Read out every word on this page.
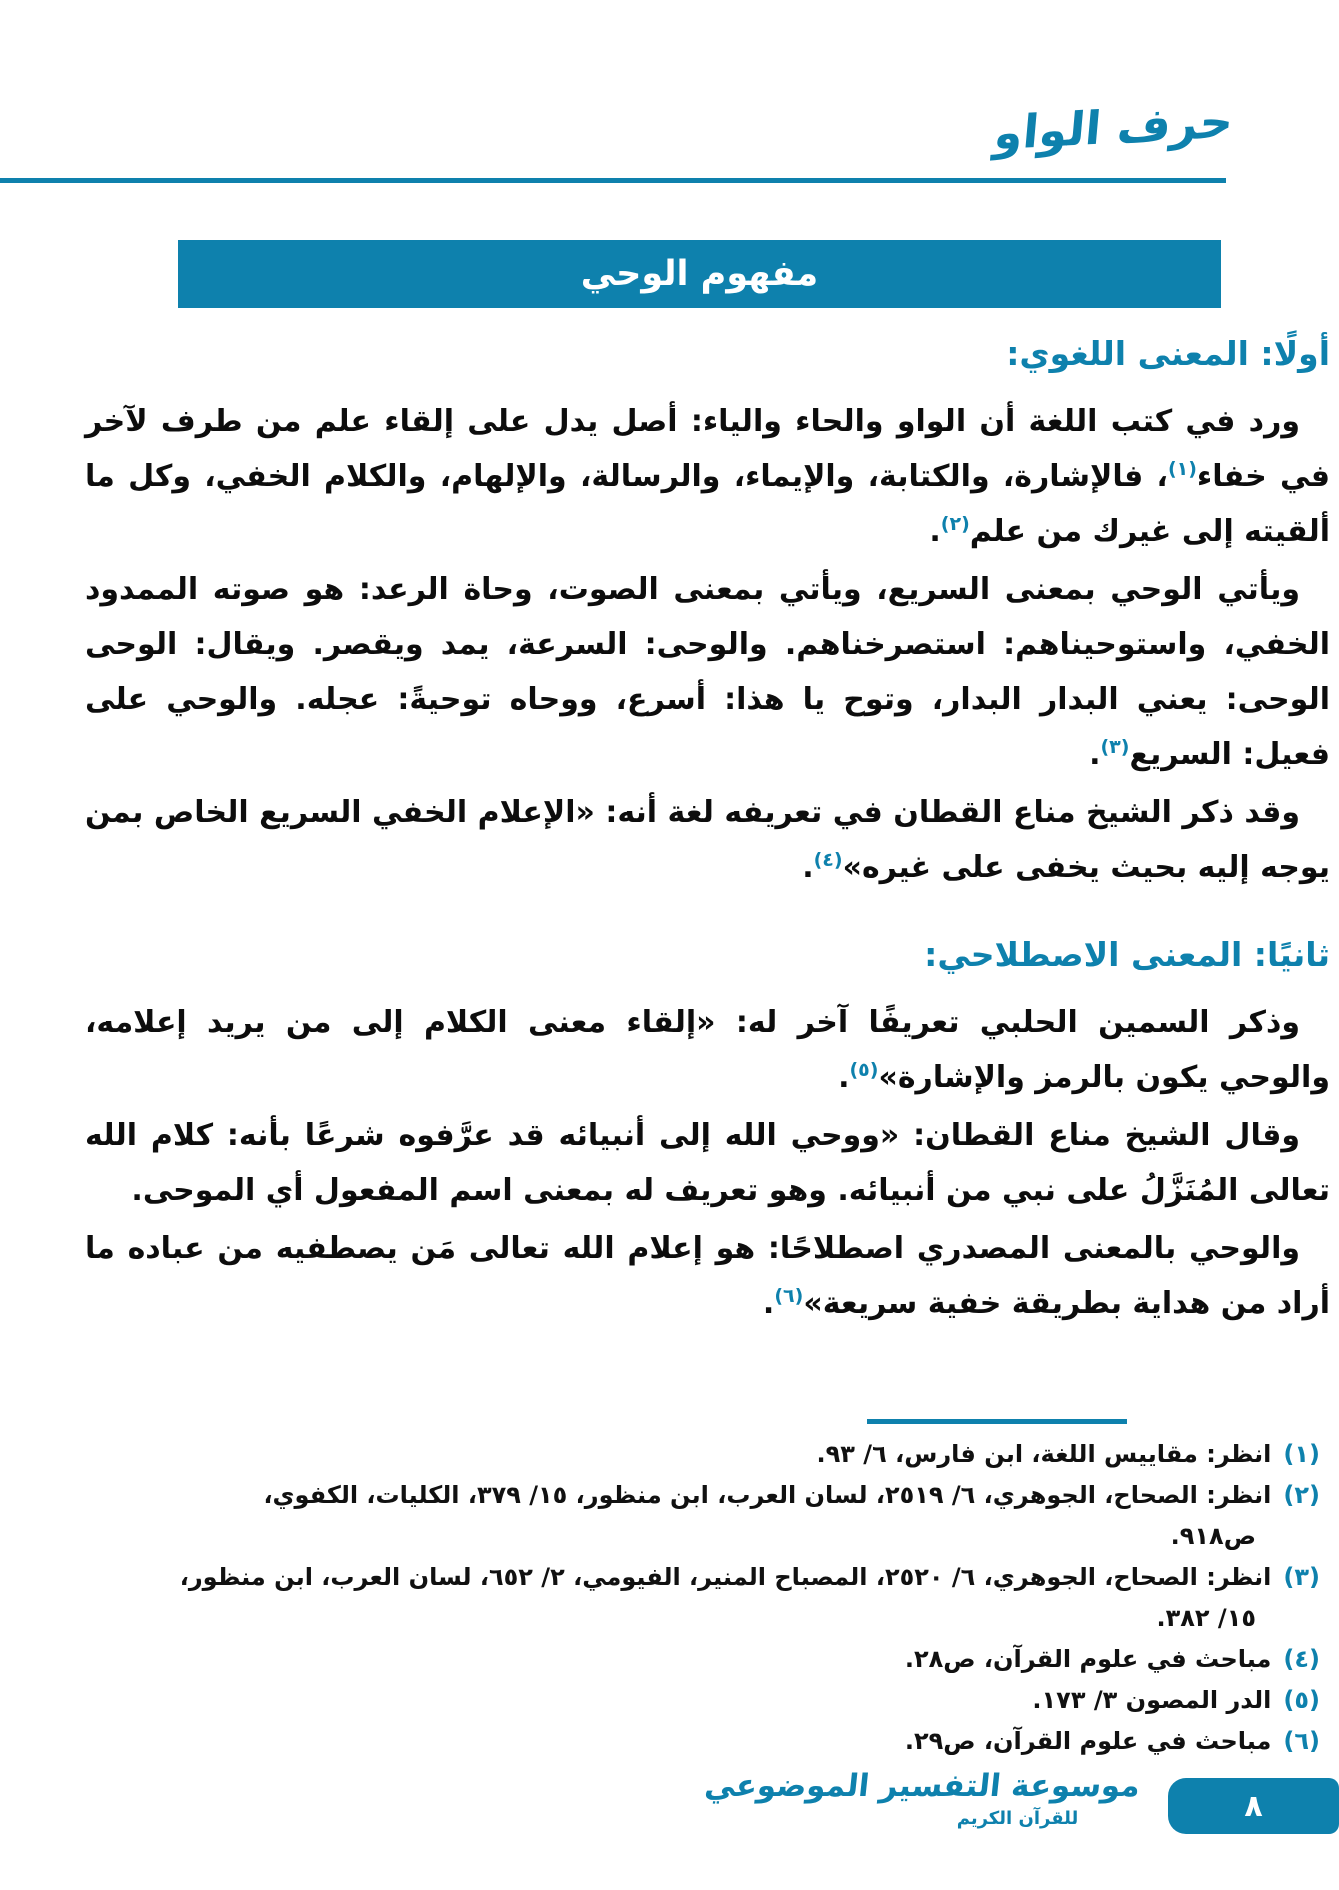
حرف الواو
مفهوم الوحي
أولًا: المعنى اللغوي:

ورد في كتب اللغة أن الواو والحاء والياء: أصل يدل على إلقاء علم من طرف لآخر في خفاء$^{(١)}$، فالإشارة، والكتابة، والإيماء، والرسالة، والإلهام، والكلام الخفي، وكل ما ألقيته إلى غيرك من علم$^{(٢)}$.

ويأتي الوحي بمعنى السريع، ويأتي بمعنى الصوت، وحاة الرعد: هو صوته الممدود الخفي، واستوحيناهم: استصرخناهم. والوحى: السرعة، يمد ويقصر. ويقال: الوحى الوحى: يعني البدار البدار، وتوح يا هذا: أسرع، ووحاه توحيةً: عجله. والوحي على فعيل: السريع$^{(٣)}$.

وقد ذكر الشيخ مناع القطان في تعريفه لغة أنه: «الإعلام الخفي السريع الخاص بمن يوجه إليه بحيث يخفى على غيره»$^{(٤)}$.

ثانيًا: المعنى الاصطلاحي:

وذكر السمين الحلبي تعريفًا آخر له: «إلقاء معنى الكلام إلى من يريد إعلامه، والوحي يكون بالرمز والإشارة»$^{(٥)}$.

وقال الشيخ مناع القطان: «ووحي الله إلى أنبيائه قد عرَّفوه شرعًا بأنه: كلام الله تعالى المُنَزَّلُ على نبي من أنبيائه. وهو تعريف له بمعنى اسم المفعول أي الموحى.

والوحي بالمعنى المصدري اصطلاحًا: هو إعلام الله تعالى مَن يصطفيه من عباده ما أراد من هداية بطريقة خفية سريعة»$^{(٦)}$.

(١)انظر: مقاييس اللغة، ابن فارس، ٦/ ٩٣.
(٢)انظر: الصحاح، الجوهري، ٦/ ٢٥١٩، لسان العرب، ابن منظور، ١٥/ ٣٧٩، الكليات، الكفوي،
ص٩١٨.
(٣)انظر: الصحاح، الجوهري، ٦/ ٢٥٢٠، المصباح المنير، الفيومي، ٢/ ٦٥٢، لسان العرب، ابن منظور،
١٥/ ٣٨٢.
(٤)مباحث في علوم القرآن، ص٢٨.
(٥)الدر المصون ٣/ ١٧٣.
(٦)مباحث في علوم القرآن، ص٢٩.
موسوعة التفسير الموضوعي
للقرآن الكريم	٨
